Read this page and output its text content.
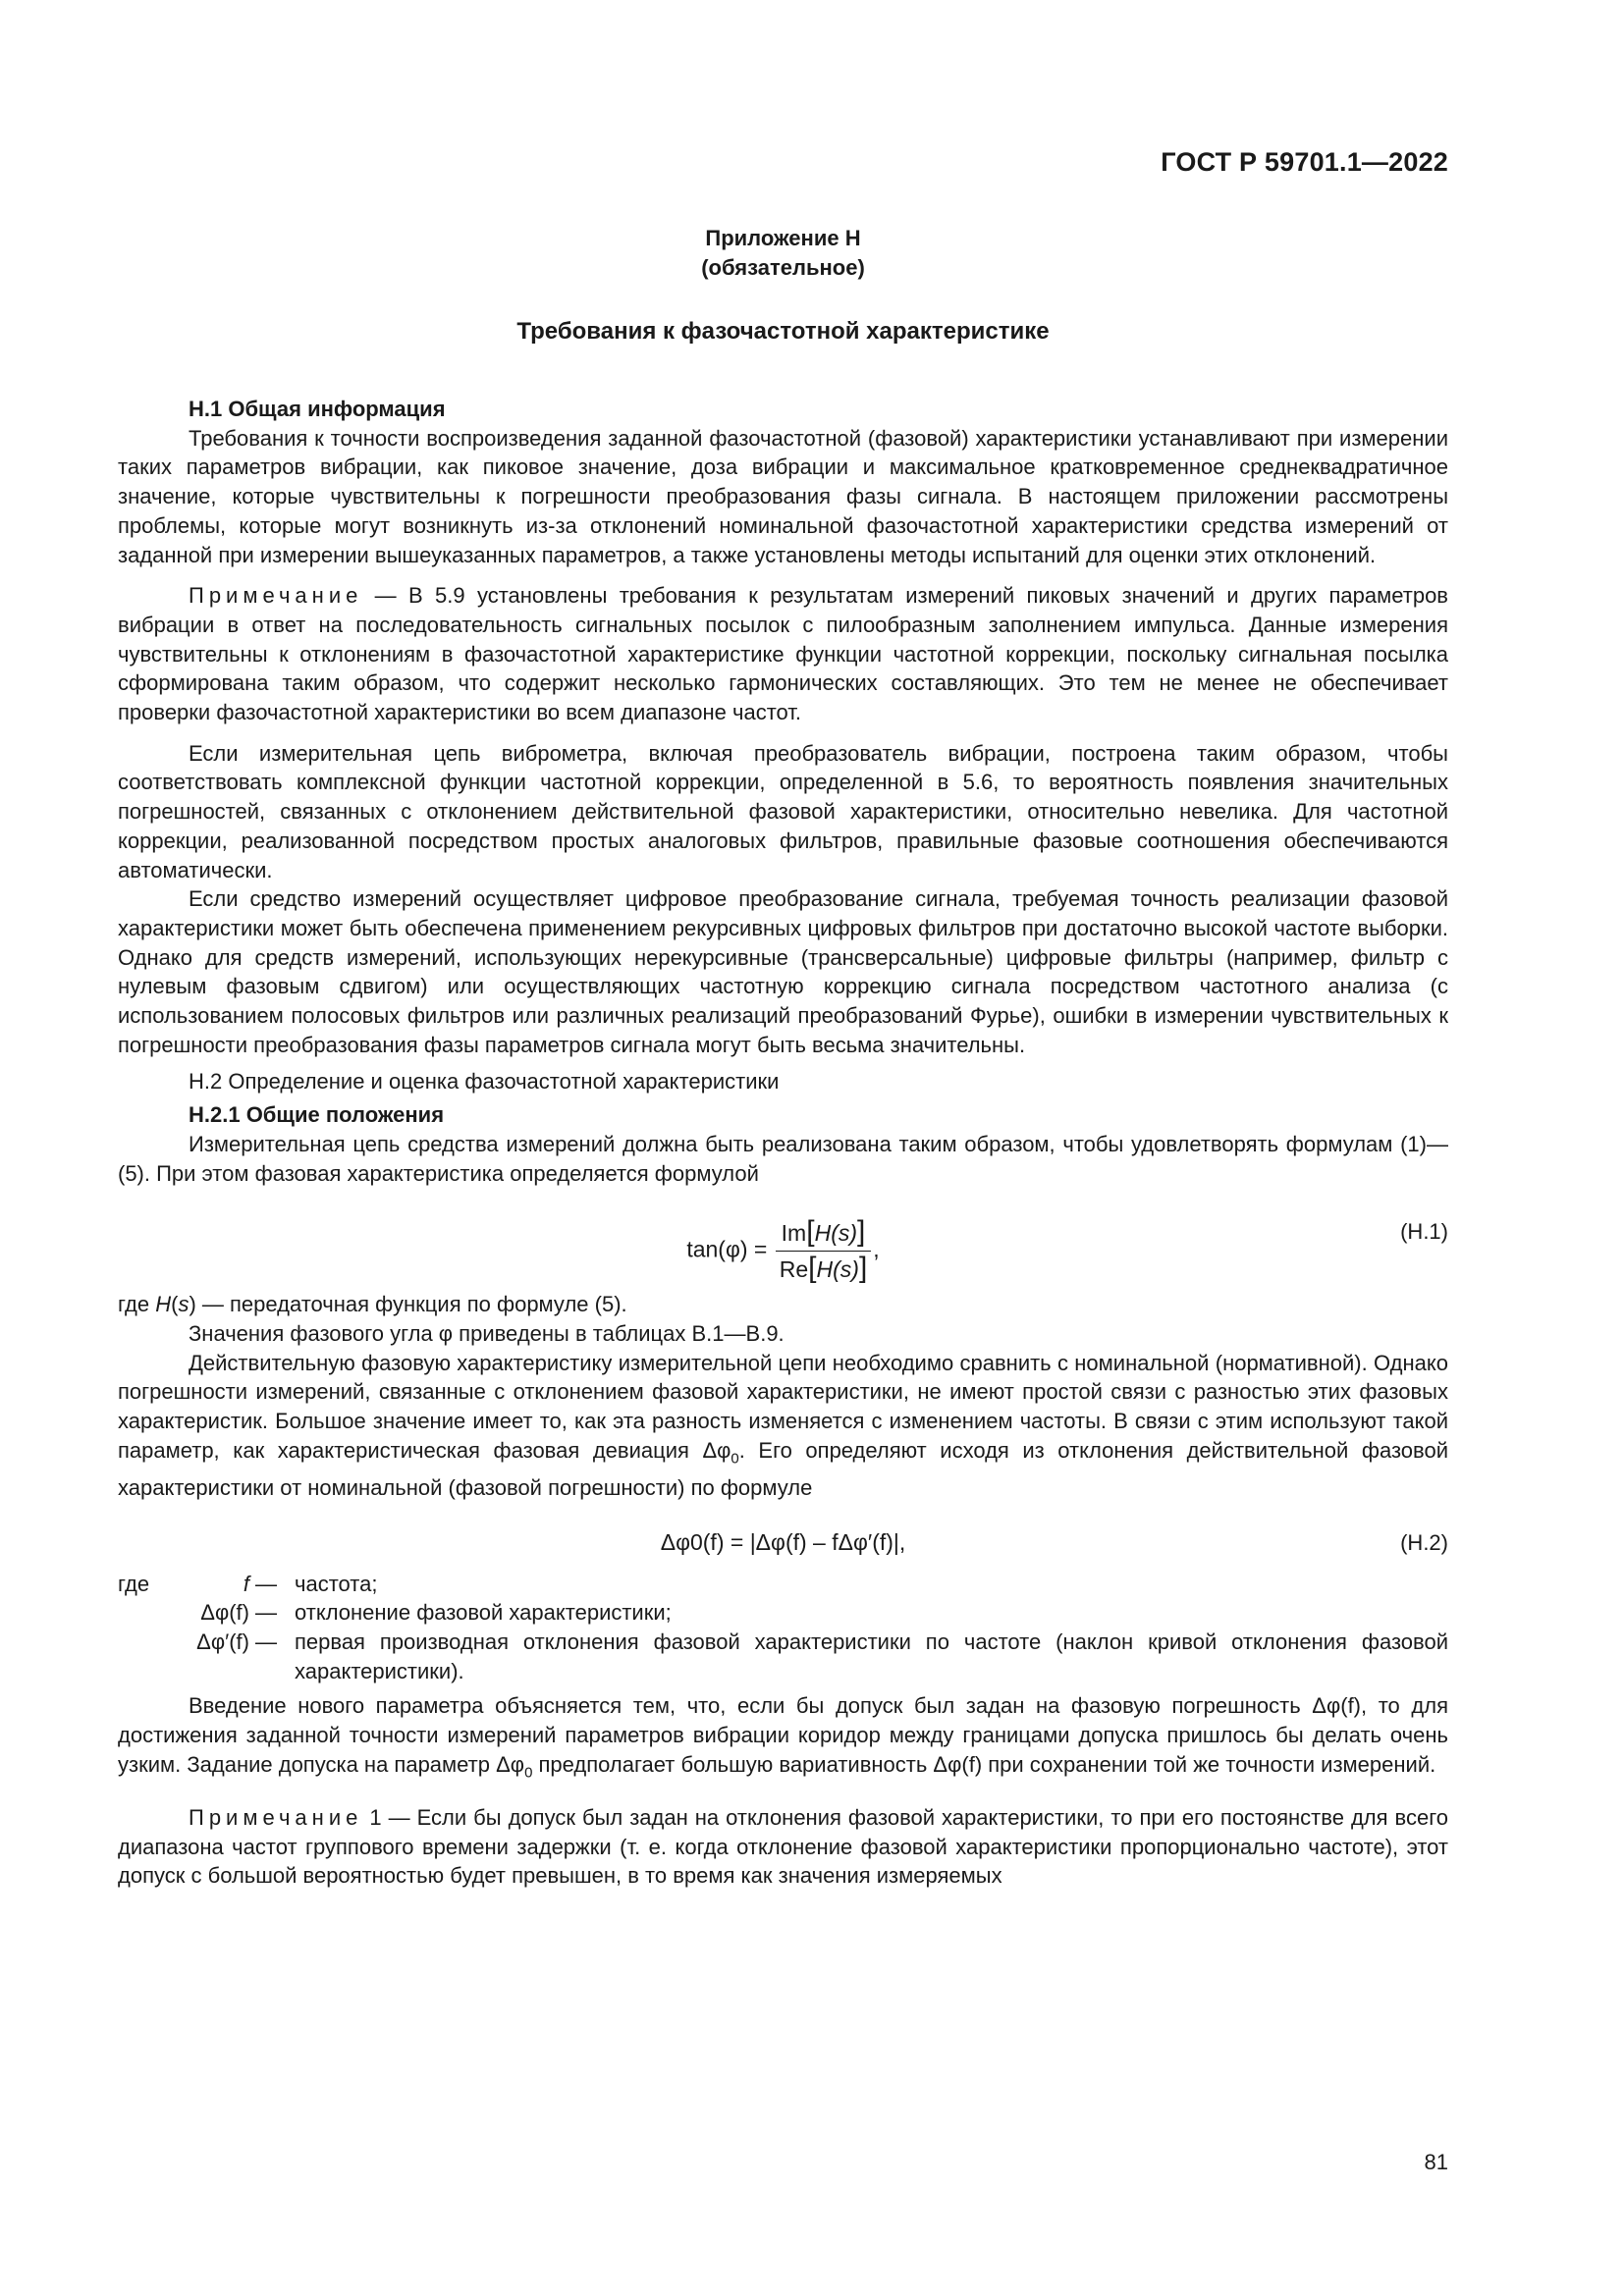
ГОСТ Р 59701.1—2022
Приложение Н
(обязательное)
Требования к фазочастотной характеристике

Н.1 Общая информация

Требования к точности воспроизведения заданной фазочастотной (фазовой) характеристики устанавливают при измерении таких параметров вибрации, как пиковое значение, доза вибрации и максимальное кратковременное среднеквадратичное значение, которые чувствительны к погрешности преобразования фазы сигнала. В настоящем приложении рассмотрены проблемы, которые могут возникнуть из-за отклонений номинальной фазочастотной характеристики средства измерений от заданной при измерении вышеуказанных параметров, а также установлены методы испытаний для оценки этих отклонений.

Примечание — В 5.9 установлены требования к результатам измерений пиковых значений и других параметров вибрации в ответ на последовательность сигнальных посылок с пилообразным заполнением импульса. Данные измерения чувствительны к отклонениям в фазочастотной характеристике функции частотной коррекции, поскольку сигнальная посылка сформирована таким образом, что содержит несколько гармонических составляющих. Это тем не менее не обеспечивает проверки фазочастотной характеристики во всем диапазоне частот.

Если измерительная цепь виброметра, включая преобразователь вибрации, построена таким образом, чтобы соответствовать комплексной функции частотной коррекции, определенной в 5.6, то вероятность появления значительных погрешностей, связанных с отклонением действительной фазовой характеристики, относительно невелика. Для частотной коррекции, реализованной посредством простых аналоговых фильтров, правильные фазовые соотношения обеспечиваются автоматически.

Если средство измерений осуществляет цифровое преобразование сигнала, требуемая точность реализации фазовой характеристики может быть обеспечена применением рекурсивных цифровых фильтров при достаточно высокой частоте выборки. Однако для средств измерений, использующих нерекурсивные (трансверсальные) цифровые фильтры (например, фильтр с нулевым фазовым сдвигом) или осуществляющих частотную коррекцию сигнала посредством частотного анализа (с использованием полосовых фильтров или различных реализаций преобразований Фурье), ошибки в измерении чувствительных к погрешности преобразования фазы параметров сигнала могут быть весьма значительны.

Н.2 Определение и оценка фазочастотной характеристики

Н.2.1 Общие положения

Измерительная цепь средства измерений должна быть реализована таким образом, чтобы удовлетворять формулам (1)—(5). При этом фазовая характеристика определяется формулой

$\tan(\varphi) = \frac{Im[H(s)]}{Re[H(s)]}$ ,
(Н.1)

где H(s) — передаточная функция по формуле (5).

Значения фазового угла φ приведены в таблицах В.1—В.9.

Действительную фазовую характеристику измерительной цепи необходимо сравнить с номинальной (нормативной). Однако погрешности измерений, связанные с отклонением фазовой характеристики, не имеют простой связи с разностью этих фазовых характеристик. Большое значение имеет то, как эта разность изменяется с изменением частоты. В связи с этим используют такой параметр, как характеристическая фазовая девиация $\Delta\varphi_0$. Его определяют исходя из отклонения действительной фазовой характеристики от номинальной (фазовой погрешности) по формуле

Δφ0(f) = |Δφ(f) – fΔφ′(f)|,	(Н.2)
где	f — частота;
Δφ(f) — отклонение фазовой характеристики;
Δφ′(f) — первая производная отклонения фазовой характеристики по частоте (наклон кривой отклонения фазовой характеристики).

Введение нового параметра объясняется тем, что, если бы допуск был задан на фазовую погрешность Δφ(f), то для достижения заданной точности измерений параметров вибрации коридор между границами допуска пришлось бы делать очень узким. Задание допуска на параметр $\Delta\varphi_0$ предполагает большую вариативность Δφ(f) при сохранении той же точности измерений.

Примечание 1 — Если бы допуск был задан на отклонения фазовой характеристики, то при его постоянстве для всего диапазона частот группового времени задержки (т. е. когда отклонение фазовой характеристики пропорционально частоте), этот допуск с большой вероятностью будет превышен, в то время как значения измеряемых

81
